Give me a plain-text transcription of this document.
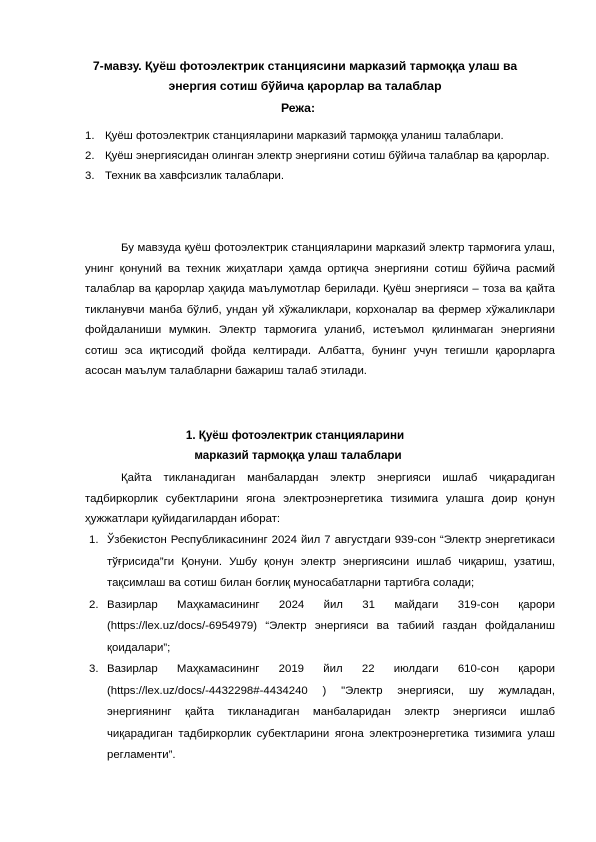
7-мавзу. Қуёш фотоэлектрик станциясини марказий тармоққа улаш ва
энергия сотиш бўйича қарорлар ва талаблар
Режа:
1. Қуёш фотоэлектрик станцияларини марказий тармоққа уланиш талаблари.
2. Қуёш энергиясидан олинган электр энергияни сотиш бўйича талаблар ва қарорлар.
3. Техник ва хавфсизлик талаблари.

Бу мавзуда қуёш фотоэлектрик станцияларини марказий электр тармоғига улаш, унинг қонуний ва техник жиҳатлари ҳамда ортиқча энергияни сотиш бўйича расмий талаблар ва қарорлар ҳақида маълумотлар берилади. Қуёш энергияси – тоза ва қайта тикланувчи манба бўлиб, ундан уй хўжаликлари, корхоналар ва фермер хўжаликлари фойдаланиши мумкин. Электр тармоғига уланиб, истеъмол қилинмаган энергияни сотиш эса иқтисодий фойда келтиради. Албатта, бунинг учун тегишли қарорларга асосан маълум талабларни бажариш талаб этилади.

1. Қуёш фотоэлектрик станцияларини
марказий тармоққа улаш талаблари

Қайта тикланадиган манбалардан электр энергияси ишлаб чиқарадиган тадбиркорлик субектларини ягона электроэнергетика тизимига улашга доир қонун ҳужжатлари қуйидагилардан иборат:

1. Ўзбекистон Республикасининг 2024 йил 7 августдаги 939-сон “Электр энергетикаси тўғрисида”ги Қонуни. Ушбу қонун электр энергиясини ишлаб чиқариш, узатиш, тақсимлаш ва сотиш билан боғлиқ муносабатларни тартибга солади;
2. Вазирлар Маҳкамасининг 2024 йил 31 майдаги 319-сон қарори (https://lex.uz/docs/-6954979) “Электр энергияси ва табиий газдан фойдаланиш қоидалари”;
3. Вазирлар Маҳкамасининг 2019 йил 22 июлдаги 610-сон қарори (https://lex.uz/docs/-4432298#-4434240 ) "Электр энергияси, шу жумладан, энергиянинг қайта тикланадиган манбаларидан электр энергияси ишлаб чиқарадиган тадбиркорлик субектларини ягона электроэнергетика тизимига улаш регламенти”.
